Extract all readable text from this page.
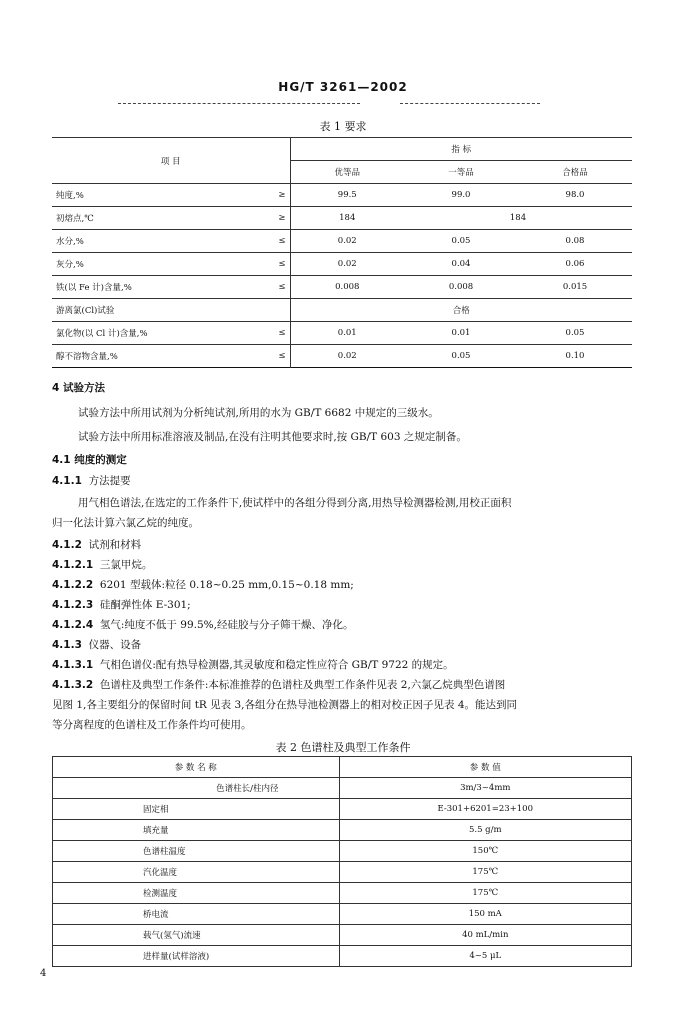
HG/T 3261—2002
表 1 要求
项 目		指 标		
		优等品	一等品	合格品
纯度,%	≥	99.5	99.0	98.0
初熔点,℃	≥	184	184	
水分,%	≤	0.02	0.05	0.08
灰分,%	≤	0.02	0.04	0.06
铁(以 Fe 计)含量,%	≤	0.008	0.008	0.015
游离氯(Cl)试验		合格		
氯化物(以 Cl 计)含量,%	≤	0.01	0.01	0.05
醇不溶物含量,%	≤	0.02	0.05	0.10
4 试验方法
试验方法中所用试剂为分析纯试剂,所用的水为 GB/T 6682 中规定的三级水。
试验方法中所用标准溶液及制品,在没有注明其他要求时,按 GB/T 603 之规定制备。
4.1 纯度的测定
4.1.1 方法提要
用气相色谱法,在选定的工作条件下,使试样中的各组分得到分离,用热导检测器检测,用校正面积
归一化法计算六氯乙烷的纯度。
4.1.2 试剂和材料
4.1.2.1 三氯甲烷。
4.1.2.2 6201 型载体:粒径 0.18~0.25 mm,0.15~0.18 mm;
4.1.2.3 硅酮弹性体 E-301;
4.1.2.4 氢气:纯度不低于 99.5%,经硅胶与分子筛干燥、净化。
4.1.3 仪器、设备
4.1.3.1 气相色谱仪:配有热导检测器,其灵敏度和稳定性应符合 GB/T 9722 的规定。
4.1.3.2 色谱柱及典型工作条件:本标准推荐的色谱柱及典型工作条件见表 2,六氯乙烷典型色谱图
见图 1,各主要组分的保留时间 tR 见表 3,各组分在热导池检测器上的相对校正因子见表 4。能达到同
等分离程度的色谱柱及工作条件均可使用。
表 2 色谱柱及典型工作条件
参 数 名 称	参 数 值
色谱柱长/柱内径	3m/3~4mm
固定相	E-301+6201=23+100
填充量	5.5 g/m
色谱柱温度	150℃
汽化温度	175℃
检测温度	175℃
桥电流	150 mA
载气(氢气)流速	40 mL/min
进样量(试样溶液)	4~5 μL
4
